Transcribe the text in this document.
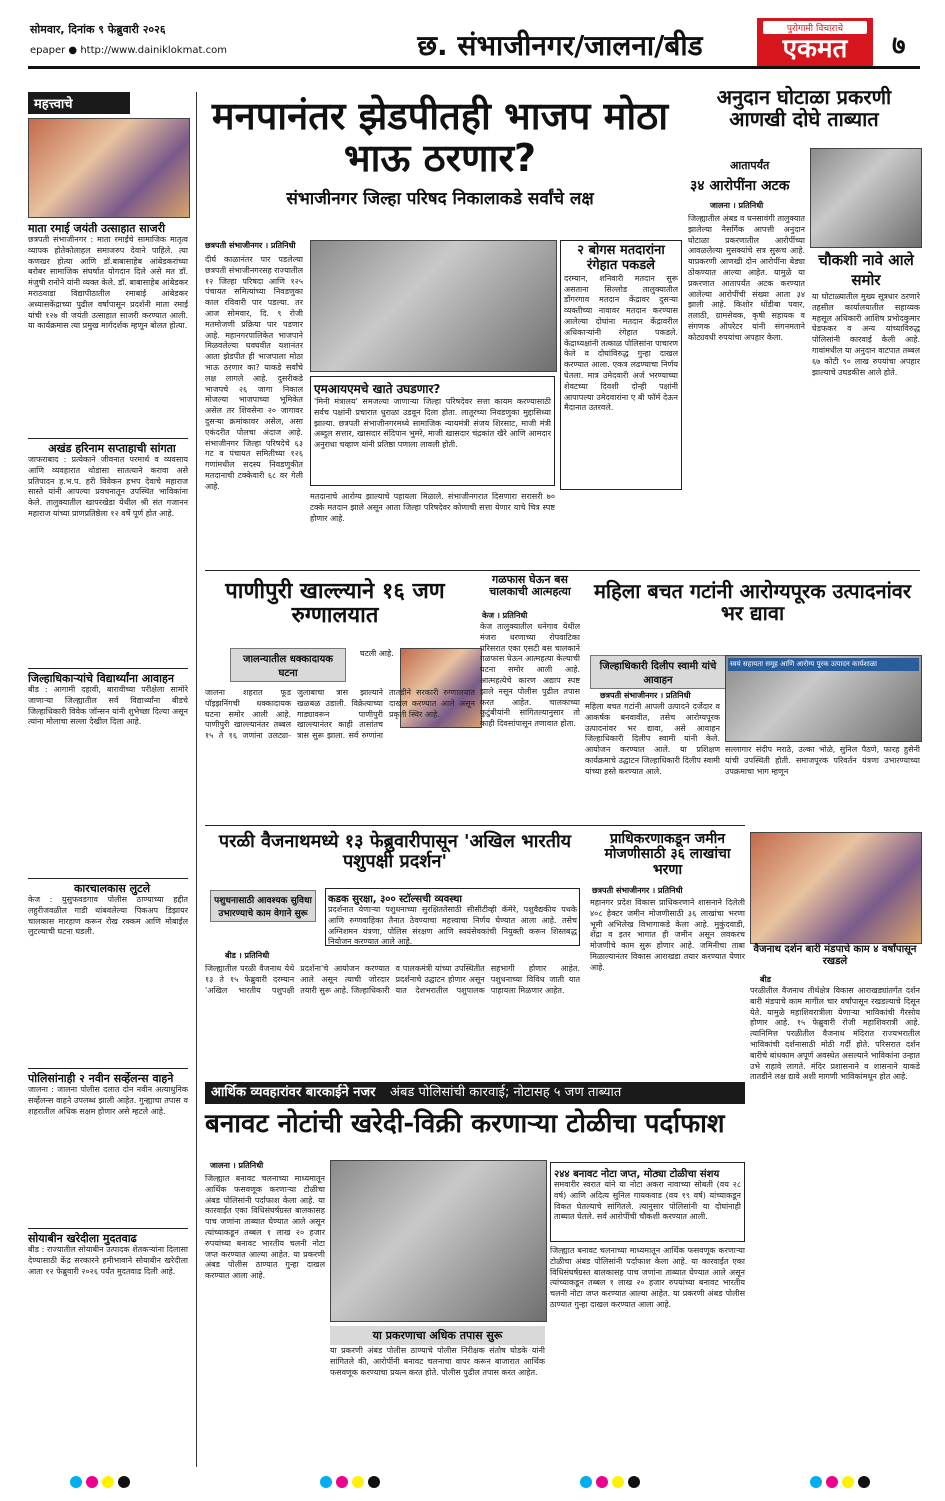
सोमवार, दिनांक ९ फेब्रुवारी २०२६
epaper ● http://www.dainiklokmat.com	छ. संभाजीनगर/जालना/बीड	पुरोगामी विचाराचे
एकमत	७
महत्त्वाचे
माता रमाई जयंती उत्साहात साजरी
छत्रपती संभाजीनगर : माता रमाईंचे सामाजिक मातृत्व व्यापक होतेकोलाहल समाजरुप देवाने पाहिले. त्या कणखर होत्या आणि डॉ.बाबासाहेब आंबेडकरांच्या बरोबर सामाजिक संघर्षात योगदान दिले असे मत डॉ. मंजुषी रानोने यांनी व्यक्त केले. डॉ. बाबासाहेब आंबेडकर मराठवाडा विद्यापीठातील रमाबाई आंबेडकर अध्यासकेंद्राच्या पुढील वर्षापासून प्रदर्शनी माता रमाई यांची १२७ वी जयंती उत्साहात साजरी करण्यात आली. या कार्यक्रमास त्या प्रमुख मार्गदर्शक म्हणून बोलत होत्या.
अखंड हरिनाम सप्ताहाची सांगता
जाफराबाद : प्रत्येकाने जीवनात परमार्थ व व्यवसाय आणि व्यवहारात थोडासा सातत्याने करावा असे प्रतिपादन ह.भ.प. हरी विवेकन हभप देवाचे महाराज सास्ते यांनी आपल्या प्रवचनातून उपस्थित भाविकांना केले. तालुक्यातील खापरखेडा येथील श्री संत गजानन महाराज यांच्या प्राणप्रतिष्ठेला १२ वर्षे पूर्ण होत आहे.
जिल्हाधिकाऱ्यांचे विद्यार्थ्यांना आवाहन
बीड : आगामी दहावी, बारावीच्या परीक्षेला सामोरे जाणाऱ्या जिल्ह्यातील सर्व विद्यार्थ्यांना बीडचे जिल्हाधिकारी विवेक जॉन्सन यांनी शुभेच्छा दिल्या असून त्यांना मोलाचा सल्ला देखील दिला आहे.
कारचालकास लुटले
केज : युसुफवडगाव पोलीस ठाण्याच्या हद्दीत लहुरीजवळील गाडी थांबवलेल्या पिकअप डिझायर चालकास मारहाण करून रोख रक्कम आणि मोबाईल लुटल्याची घटना घडली.
पोलिसांनाही २ नवीन सर्व्हेलन्स वाहने
जालना : जालना पोलीस दलात दोन नवीन अत्याधुनिक सर्व्हेलन्स वाहने उपलब्ध झाली आहेत. गुन्ह्याचा तपास व शहरातील अधिक सक्षम होणार असे म्हटले आहे.
सोयाबीन खरेदीला मुदतवाढ
बीड : राज्यातील सोयाबीन उत्पादक शेतकऱ्यांना दिलासा देण्यासाठी केंद्र सरकारने हमीभावाने सोयाबीन खरेदीला आता १२ फेब्रुवारी २०२६ पर्यंत मुदतवाढ दिली आहे.
मनपानंतर झेडपीतही भाजप मोठा भाऊ ठरणार?
संभाजीनगर जिल्हा परिषद निकालाकडे सर्वांचे लक्ष
छत्रपती संभाजीनगर । प्रतिनिधी
दीर्घ काळानंतर पार पडलेल्या छत्रपती संभाजीनगरसह राज्यातील १२ जिल्हा परिषदा आणि १२५ पंचायत समित्यांच्या निवडणुका काल रविवारी पार पडल्या. तर आज सोमवार, दि. ९ रोजी मतमोजणी प्रक्रिया पार पडणार आहे. महानगरपालिकेत भाजपाने मिळवलेल्या घवघवीत यशानंतर आता झेडपीत ही भाजपाला मोठा भाऊ ठरणार का? याकडे सर्वांचे लक्ष लागले आहे. दुसरीकडे भाजपचे २६ जागा निकाल मोजल्या भाजपाच्या भूमिकेत असेल तर शिवसेना २० जागावर दुसऱ्या क्रमांकावर असेल, असा एकंदरीत पोलचा अंदाज आहे. संभाजीनगर जिल्हा परिषदेचे ६३ गट व पंचायत समितीच्या १२६ गणांमधील सदस्य निवडणुकीत मतदानाची टक्केवारी ६८ वर गेली आहे.
एमआयएमचे खाते उघडणार?
'मिनी मंत्रालय' समजल्या जाणाऱ्या जिल्हा परिषदेवर सत्ता कायम करण्यासाठी सर्वच पक्षांनी प्रचारात धुराळा उडवून दिला होता. लातूरच्या निवडणुका मुद्दासिध्या झाल्या. छत्रपती संभाजीनगरमध्ये सामाजिक न्यायमंत्री संजय शिरसाट, माजी मंत्री अब्दुल सत्तार, खासदार संदिपान भुमरे, माजी खासदार चंद्रकांत खैरे आणि आमदार अनुराधा चव्हाण यांनी प्रतिष्ठा पणाला लावली होती.
मतदानाचे आरोग्य झाल्याचे पहायला मिळाले. संभाजीनगरात दिसणारा सरासरी ७० टक्के मतदान झाले असून आता जिल्हा परिषदेवर कोणाची सत्ता येणार याचे चित्र स्पष्ट होणार आहे.
२ बोगस मतदारांना रंगेहात पकडले
दरम्यान, शनिवारी मतदान सुरू असताना सिल्लोड तालुक्यातील डोंगरगाव मतदान केंद्रावर दुसऱ्या व्यक्तीच्या नावावर मतदान करण्यास आलेल्या दोघांना मतदान केंद्रावरील अधिकाऱ्यांनी रंगेहात पकडले. केंद्राध्यक्षांनी तत्काळ पोलिसांना पाचारण केले व दोघांविरुद्ध गुन्हा दाखल करण्यात आला. एकत्र लढण्याचा निर्णय घेतला. मात्र उमेदवारी अर्ज भरण्याच्या शेवटच्या दिवशी दोन्ही पक्षांनी आपापल्या उमेदवारांना ए बी फॉर्म देऊन मैदानात उतरवले.
अनुदान घोटाळा प्रकरणी आणखी दोघे ताब्यात
आतापर्यंत
३४ आरोपींना अटक
जालना । प्रतिनिधी
जिल्ह्यातील अंबड व घनसावंगी तालुक्यात झालेल्या नैसर्गिक आपत्ती अनुदान घोटाळा प्रकरणातील आरोपींच्या आवळलेल्या मुसक्यांचे सत्र सुरूच आहे. याप्रकरणी आणखी दोन आरोपींना बेड्या ठोकण्यात आल्या आहेत. यामुळे या प्रकरणात आतापर्यंत अटक करण्यात आलेल्या आरोपींची संख्या आता ३४ झाली आहे. किशोर धोंडीबा पवार, तलाठी, ग्रामसेवक, कृषी सहायक व संगणक ऑपरेटर यांनी संगनमताने कोट्यवधी रुपयांचा अपहार केला.
चौकशी नावे आले समोर
या घोटाळ्यातील मुख्य सूत्रधार ठरणारे तहसील कार्यालयातील सहाय्यक महसूल अधिकारी आशिष प्रभोदकुमार घेडफकर व अन्य यांच्याविरुद्ध पोलिसांनी कारवाई केली आहे. गावांमधील या अनुदान वाटपात तब्बल ६७ कोटी ९० लाख रुपयांचा अपहार झाल्याचे उघडकीस आले होते.
पाणीपुरी खाल्ल्याने १६ जण रुग्णालयात
जालन्यातील धक्कादायक घटना
घटली आहे.
जालना शहरात फूड पॉइझनिंगची धक्कादायक घटना समोर आली आहे. पाणीपुरी खाल्ल्यानंतर तब्बल १५ ते १६ जणांना उलट्या-जुलाबाचा त्रास झाल्याने खळबळ उडाली. विक्रेत्याच्या गाड्यावरून पाणीपुरी खाल्ल्यानंतर काही तासांतच त्रास सुरू झाला. सर्व रुग्णांना तातडीने सरकारी रुग्णालयात दाखल करण्यात आले असून प्रकृती स्थिर आहे.
गळफास घेऊन बस चालकाची आत्महत्या
केज । प्रतिनिधी
केज तालुक्यातील धनेगाव येथील मंजरा धरणाच्या रोपवाटिका परिसरात एका एसटी बस चालकाने गळफास घेऊन आत्महत्या केल्याची घटना समोर आली आहे. आत्महत्येचे कारण अद्याप स्पष्ट झाले नसून पोलीस पुढील तपास करत आहेत. चालकाच्या कुटुंबीयांनी सांगितल्यानुसार तो काही दिवसांपासून तणावात होता.
महिला बचत गटांनी आरोग्यपूरक उत्पादनांवर भर द्यावा
जिल्हाधिकारी दिलीप स्वामी यांचे आवाहन
छत्रपती संभाजीनगर । प्रतिनिधी
स्वयं सहायता समूह आणि आरोग्य पूरक उत्पादन कार्यशाळा
महिला बचत गटांनी आपली उत्पादने दर्जेदार व आकर्षक बनवावीत, तसेच आरोग्यपूरक उत्पादनांवर भर द्यावा, असे आवाहन जिल्हाधिकारी दिलीप स्वामी यांनी केले. आयोजन करण्यात आले. या प्रशिक्षण कार्यक्रमाचे उद्घाटन जिल्हाधिकारी दिलीप स्वामी यांच्या हस्ते करण्यात आले.
सल्लागार संदीप मराठे, उल्का भोळे, सुनिल पैठणे, फारह हुसेनी यांची उपस्थिती होती. समाजपूरक परिवर्तन यंत्रणा उभारण्याच्या उपक्रमाचा भाग म्हणून
परळी वैजनाथमध्ये १३ फेब्रुवारीपासून 'अखिल भारतीय पशुपक्षी प्रदर्शन'
पशुधनासाठी आवश्यक सुविधा उभारण्याचे काम वेगाने सुरू
बीड । प्रतिनिधी
कडक सुरक्षा, ३०० स्टॉल्सची व्यवस्था
प्रदर्शनात येणाऱ्या पशुधनाच्या सुरक्षिततेसाठी सीसीटीव्ही कॅमेरे, पशुवैद्यकीय पथके आणि रुग्णवाहिका तैनात ठेवण्याचा महत्त्वाचा निर्णय घेण्यात आला आहे. तसेच अग्निशमन यंत्रणा, पोलिस संरक्षण आणि स्वयंसेवकांची नियुक्ती करून शिस्तबद्ध नियोजन करण्यात आले आहे.
जिल्ह्यातील परळी वैजनाथ येथे १३ ते १५ फेब्रुवारी दरम्यान 'अखिल भारतीय पशुपक्षी प्रदर्शना'चे आयोजन करण्यात आले असून त्याची जोरदार तयारी सुरू आहे. जिल्हाधिकारी व पालकमंत्री यांच्या उपस्थितीत प्रदर्शनाचे उद्घाटन होणार असून यात देशभरातील पशुपालक सहभागी होणार आहेत. पशुधनाच्या विविध जाती यात पाहायला मिळणार आहेत.
प्राधिकरणाकडून जमीन मोजणीसाठी ३६ लाखांचा भरणा
छत्रपती संभाजीनगर । प्रतिनिधी
महानगर प्रदेश विकास प्राधिकरणाने शासनाने दिलेली ४०८ हेक्टर जमीन मोजणीसाठी ३६ लाखांचा भरणा भूमी अभिलेख विभागाकडे केला आहे. मुकुंदवाडी, शेंद्रा व इतर भागात ही जमीन असून लवकरच मोजणीचे काम सुरू होणार आहे. जमिनीचा ताबा मिळाल्यानंतर विकास आराखडा तयार करण्यात येणार आहे.
वैजनाथ दर्शन बारी मंडपाचे काम ४ वर्षांपासून रखडले
बीड
परळीतील वैजनाथ तीर्थक्षेत्र विकास आराखड्यांतर्गत दर्शन बारी मंडपाचे काम मागील चार वर्षांपासून रखडल्याचे दिसून येते. यामुळे महाशिवरात्रीला येणाऱ्या भाविकांची गैरसोय होणार आहे. १५ फेब्रुवारी रोजी महाशिवरात्री आहे. त्यानिमित्त परळीतील वैजनाथ मंदिरात राज्यभरातील भाविकांची दर्शनासाठी मोठी गर्दी होते. परिसरात दर्शन बारीचे बांधकाम अपूर्ण अवस्थेत असल्याने भाविकांना उन्हात उभे राहावे लागते. मंदिर प्रशासनाने व शासनाने याकडे तातडीने लक्ष द्यावे अशी मागणी भाविकांमधून होत आहे.
आर्थिक व्यवहारांवर बारकाईने नजर अंबड पोलिसांची कारवाई; नोटासह ५ जण ताब्यात
बनावट नोटांची खरेदी-विक्री करणाऱ्या टोळीचा पर्दाफाश
जालना । प्रतिनिधी
जिल्ह्यात बनावट चलनाच्या माध्यमातून आर्थिक फसवणूक करणाऱ्या टोळीचा अंबड पोलिसांनी पर्दाफाश केला आहे. या कारवाईत एका विधिसंघर्षग्रस्त बालकासह पाच जणांना ताब्यात घेण्यात आले असून त्यांच्याकडून तब्बल १ लाख २० हजार रुपयांच्या बनावट भारतीय चलनी नोटा जप्त करण्यात आल्या आहेत. या प्रकरणी अंबड पोलीस ठाण्यात गुन्हा दाखल करण्यात आला आहे.
२४४ बनावट नोटा जप्त, मोठ्या टोळीचा संशय
समवारीर स्वरात यांने या नोटा अकरा नावाच्या सोबती (वय २८ वर्ष) आणि अदित्य सुनिल गायकवाड (वय १९ वर्ष) यांच्याकडून विकत घेतल्याचे सांगितले. त्यानुसार पोलिसांनी या दोघांनाही ताब्यात घेतले. सर्व आरोपींची चौकशी करण्यात आली.
जिल्ह्यात बनावट चलनाच्या माध्यमातून आर्थिक फसवणूक करणाऱ्या टोळीचा अंबड पोलिसांनी पर्दाफाश केला आहे. या कारवाईत एका विधिसंघर्षग्रस्त बालकासह पाच जणांना ताब्यात घेण्यात आले असून त्यांच्याकडून तब्बल १ लाख २० हजार रुपयांच्या बनावट भारतीय चलनी नोटा जप्त करण्यात आल्या आहेत. या प्रकरणी अंबड पोलीस ठाण्यात गुन्हा दाखल करण्यात आला आहे.
या प्रकरणाचा अधिक तपास सुरू
या प्रकरणी अंबड पोलीस ठाण्याचे पोलीस निरीक्षक संतोष घोडके यांनी सांगितले की, आरोपींनी बनावट चलनाचा वापर करून बाजारात आर्थिक फसवणूक करण्याचा प्रयत्न करत होते. पोलीस पुढील तपास करत आहेत.
